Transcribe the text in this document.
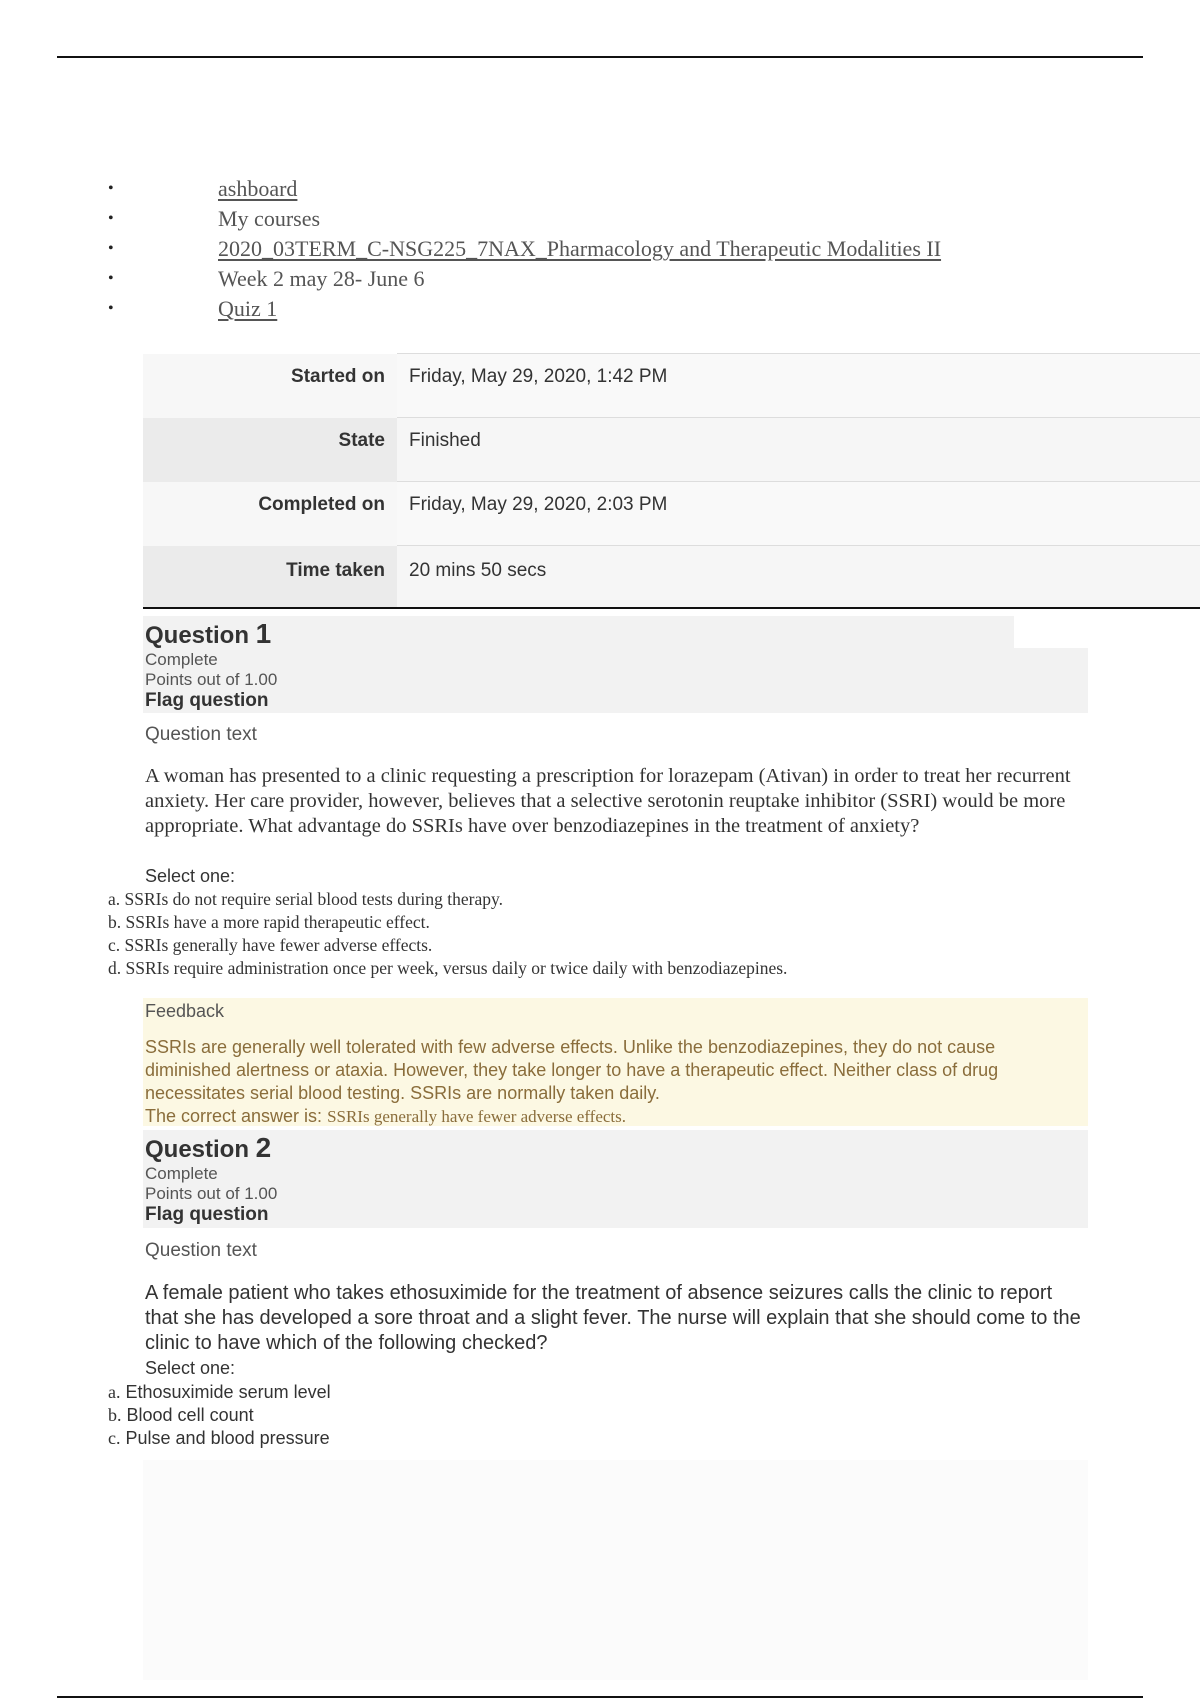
•	ashboard
•	My courses
•	2020_03TERM_C-NSG225_7NAX_Pharmacology and Therapeutic Modalities II
•	Week 2 may 28- June 6
•	Quiz 1
Started on	Friday, May 29, 2020, 1:42 PM

State	Finished

Completed on	Friday, May 29, 2020, 2:03 PM

Time taken	20 mins 50 secs
Question 1
Complete
Points out of 1.00
Flag question
Question text

A woman has presented to a clinic requesting a prescription for lorazepam (Ativan) in order to treat her recurrent anxiety. Her care provider, however, believes that a selective serotonin reuptake inhibitor (SSRI) would be more appropriate. What advantage do SSRIs have over benzodiazepines in the treatment of anxiety?

Select one:
a. SSRIs do not require serial blood tests during therapy.
b. SSRIs have a more rapid therapeutic effect.
c. SSRIs generally have fewer adverse effects.
d. SSRIs require administration once per week, versus daily or twice daily with benzodiazepines.
Feedback

SSRIs are generally well tolerated with few adverse effects. Unlike the benzodiazepines, they do not cause diminished alertness or ataxia. However, they take longer to have a therapeutic effect. Neither class of drug necessitates serial blood testing. SSRIs are normally taken daily.

The correct answer is: SSRIs generally have fewer adverse effects.
Question 2
Complete
Points out of 1.00
Flag question
Question text

A female patient who takes ethosuximide for the treatment of absence seizures calls the clinic to report that she has developed a sore throat and a slight fever. The nurse will explain that she should come to the clinic to have which of the following checked?

Select one:
a. Ethosuximide serum level
b. Blood cell count
c. Pulse and blood pressure
